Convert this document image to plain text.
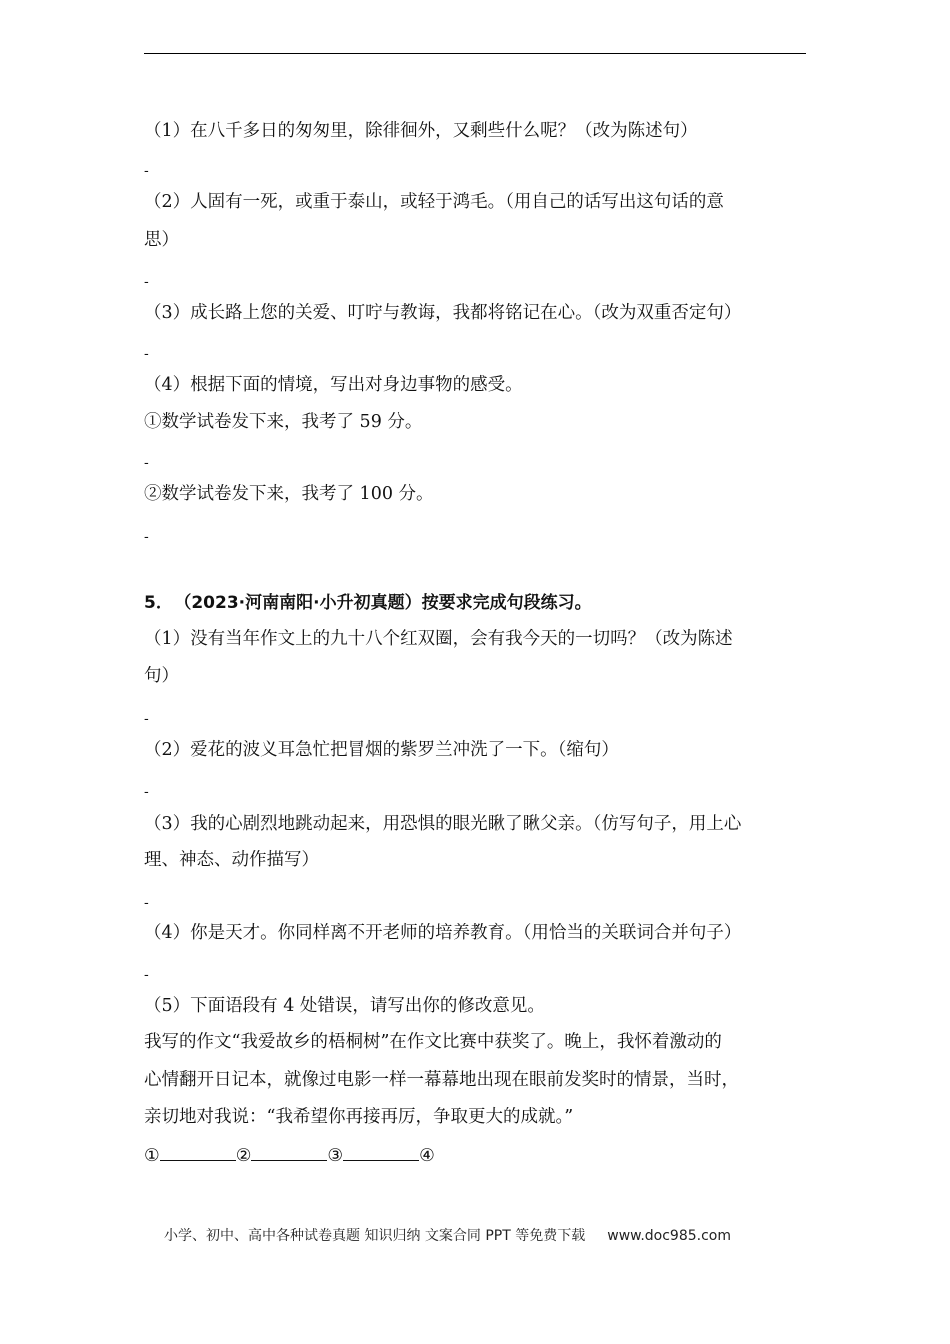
（1）在八千多日的匆匆里，除徘徊外，又剩些什么呢？（改为陈述句）
-
（2）人固有一死，或重于泰山，或轻于鸿毛。（用自己的话写出这句话的意
思）
-
（3）成长路上您的关爱、叮咛与教诲，我都将铭记在心。（改为双重否定句）
-
（4）根据下面的情境，写出对身边事物的感受。
①数学试卷发下来，我考了 59 分。
-
②数学试卷发下来，我考了 100 分。
-
5． （2023·河南南阳·小升初真题）按要求完成句段练习。
（1）没有当年作文上的九十八个红双圈，会有我今天的一切吗？（改为陈述
句）
-
（2）爱花的波义耳急忙把冒烟的紫罗兰冲洗了一下。（缩句）
-
（3）我的心剧烈地跳动起来，用恐惧的眼光瞅了瞅父亲。（仿写句子，用上心
理、神态、动作描写）
-
（4）你是天才。你同样离不开老师的培养教育。（用恰当的关联词合并句子）
-
（5）下面语段有 4 处错误，请写出你的修改意见。
我写的作文“我爱故乡的梧桐树”在作文比赛中获奖了。晚上，我怀着激动的
心情翻开日记本，就像过电影一样一幕幕地出现在眼前发奖时的情景，当时，
亲切地对我说：“我希望你再接再厉，争取更大的成就。”
①	②	③	④
小学、初中、高中各种试卷真题 知识归纳 文案合同 PPT 等免费下载 www.doc985.com
